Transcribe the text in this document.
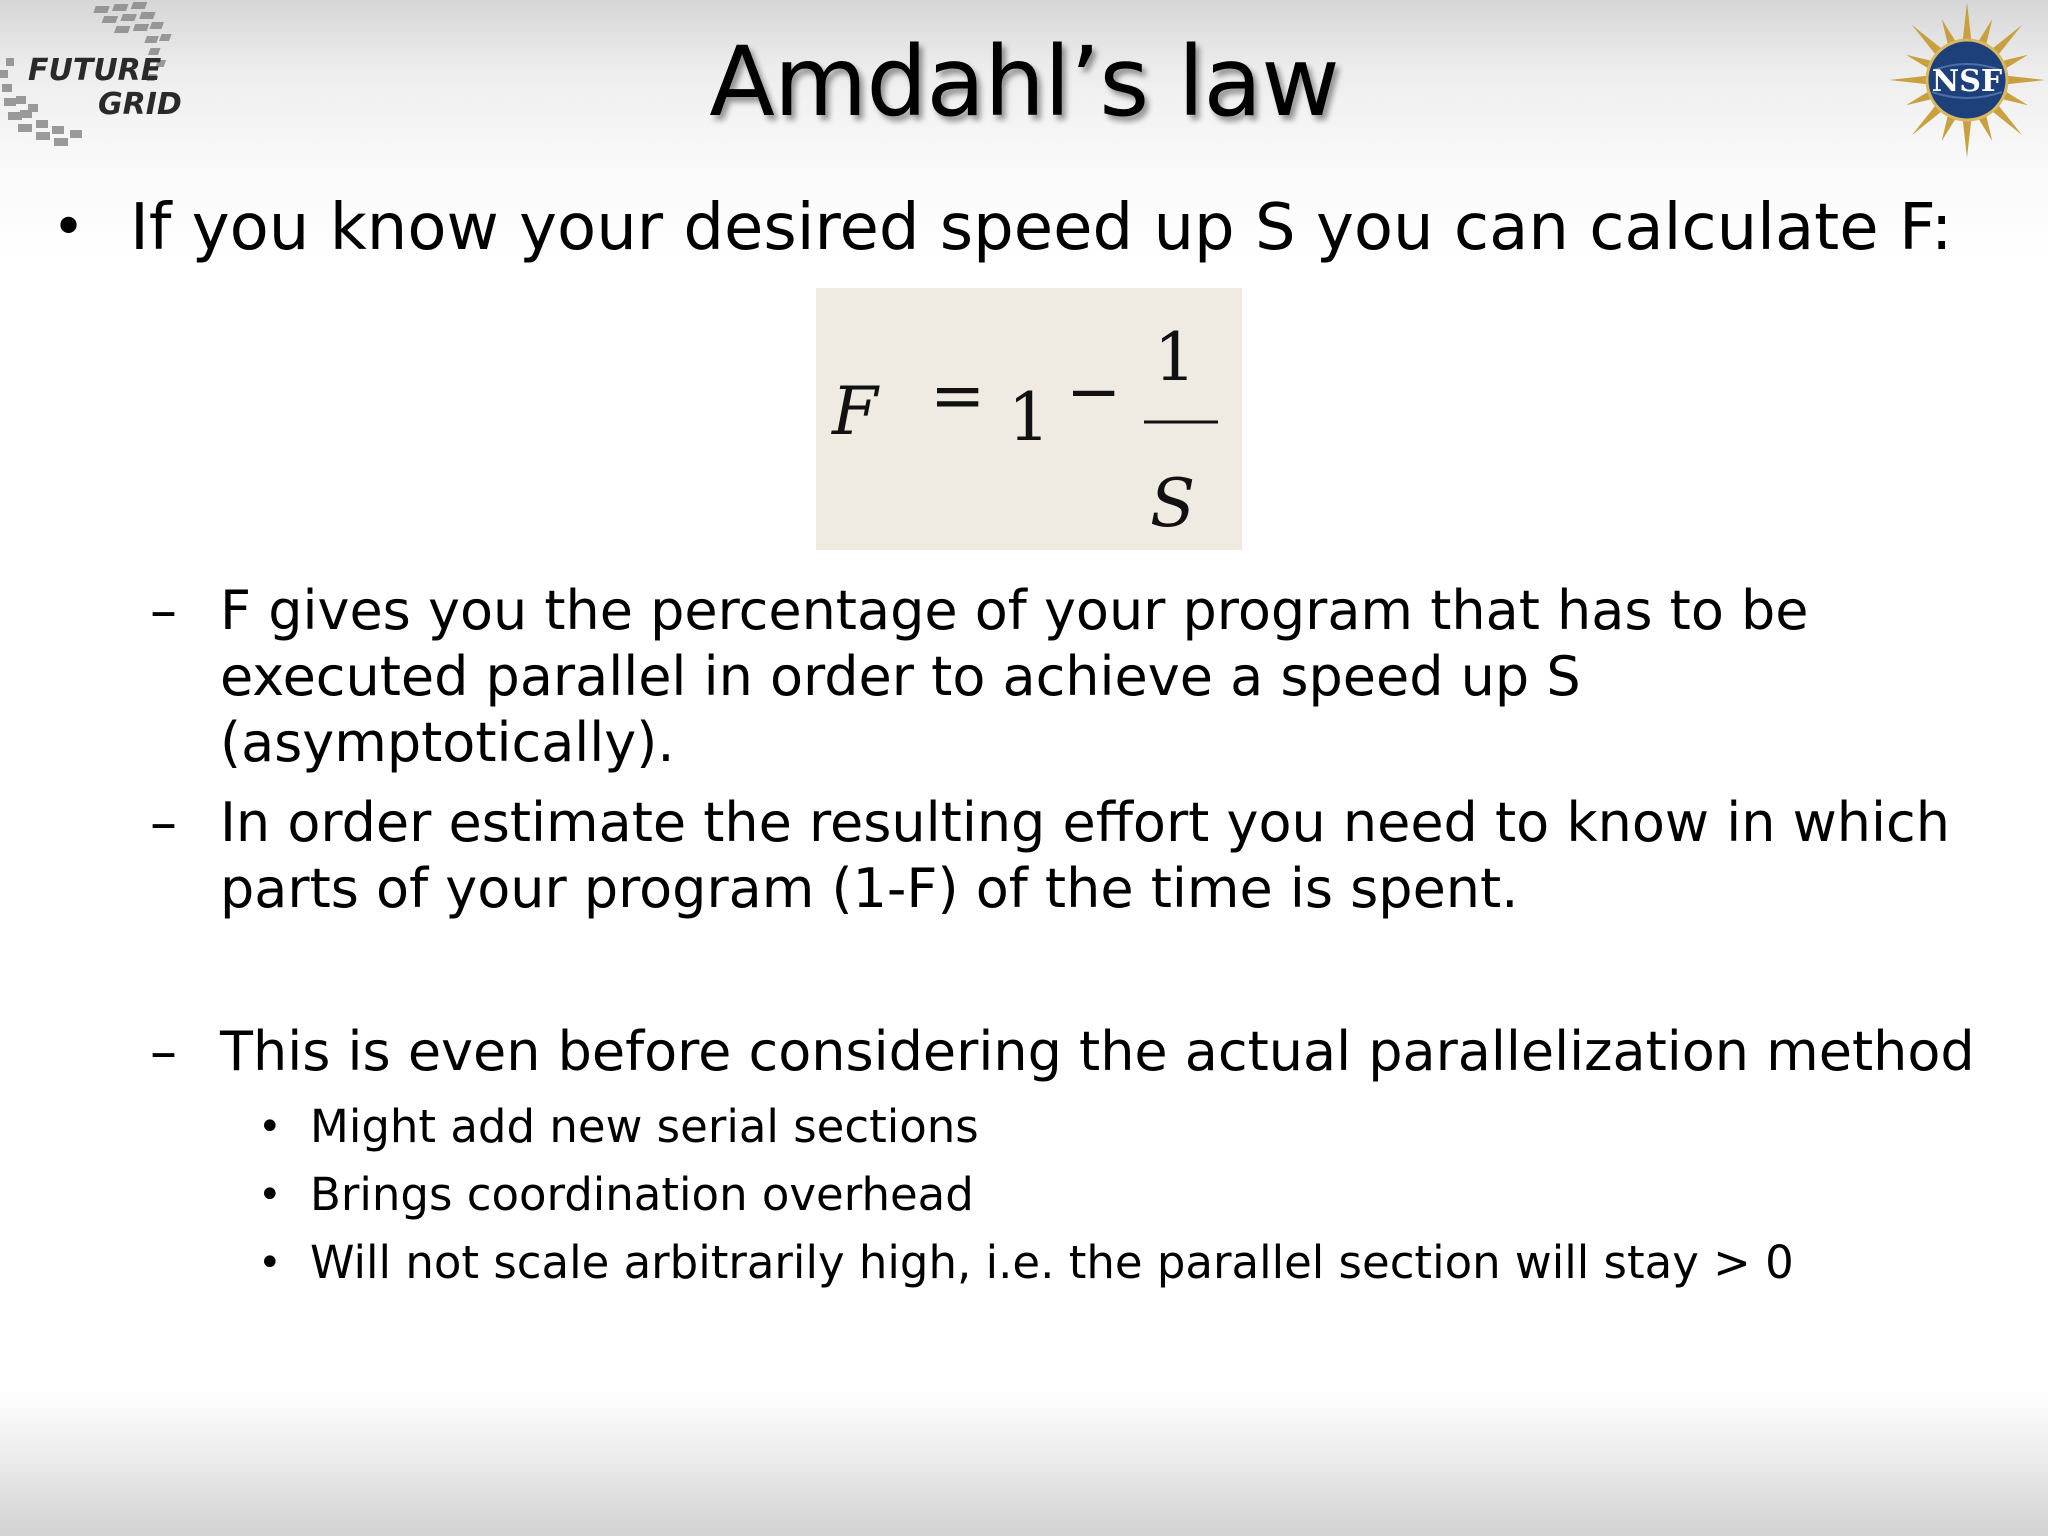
FUTURE
GRID
NSF
Amdahl’s law
• If you know your desired speed up S you can calculate F:
F = 1 − 1
S
– F gives you the percentage of your program that has to be
executed parallel in order to achieve a speed up S
(asymptotically).
– In order estimate the resulting effort you need to know in which
parts of your program (1-F) of the time is spent.
– This is even before considering the actual parallelization method
• Might add new serial sections
• Brings coordination overhead
• Will not scale arbitrarily high, i.e. the parallel section will stay > 0
